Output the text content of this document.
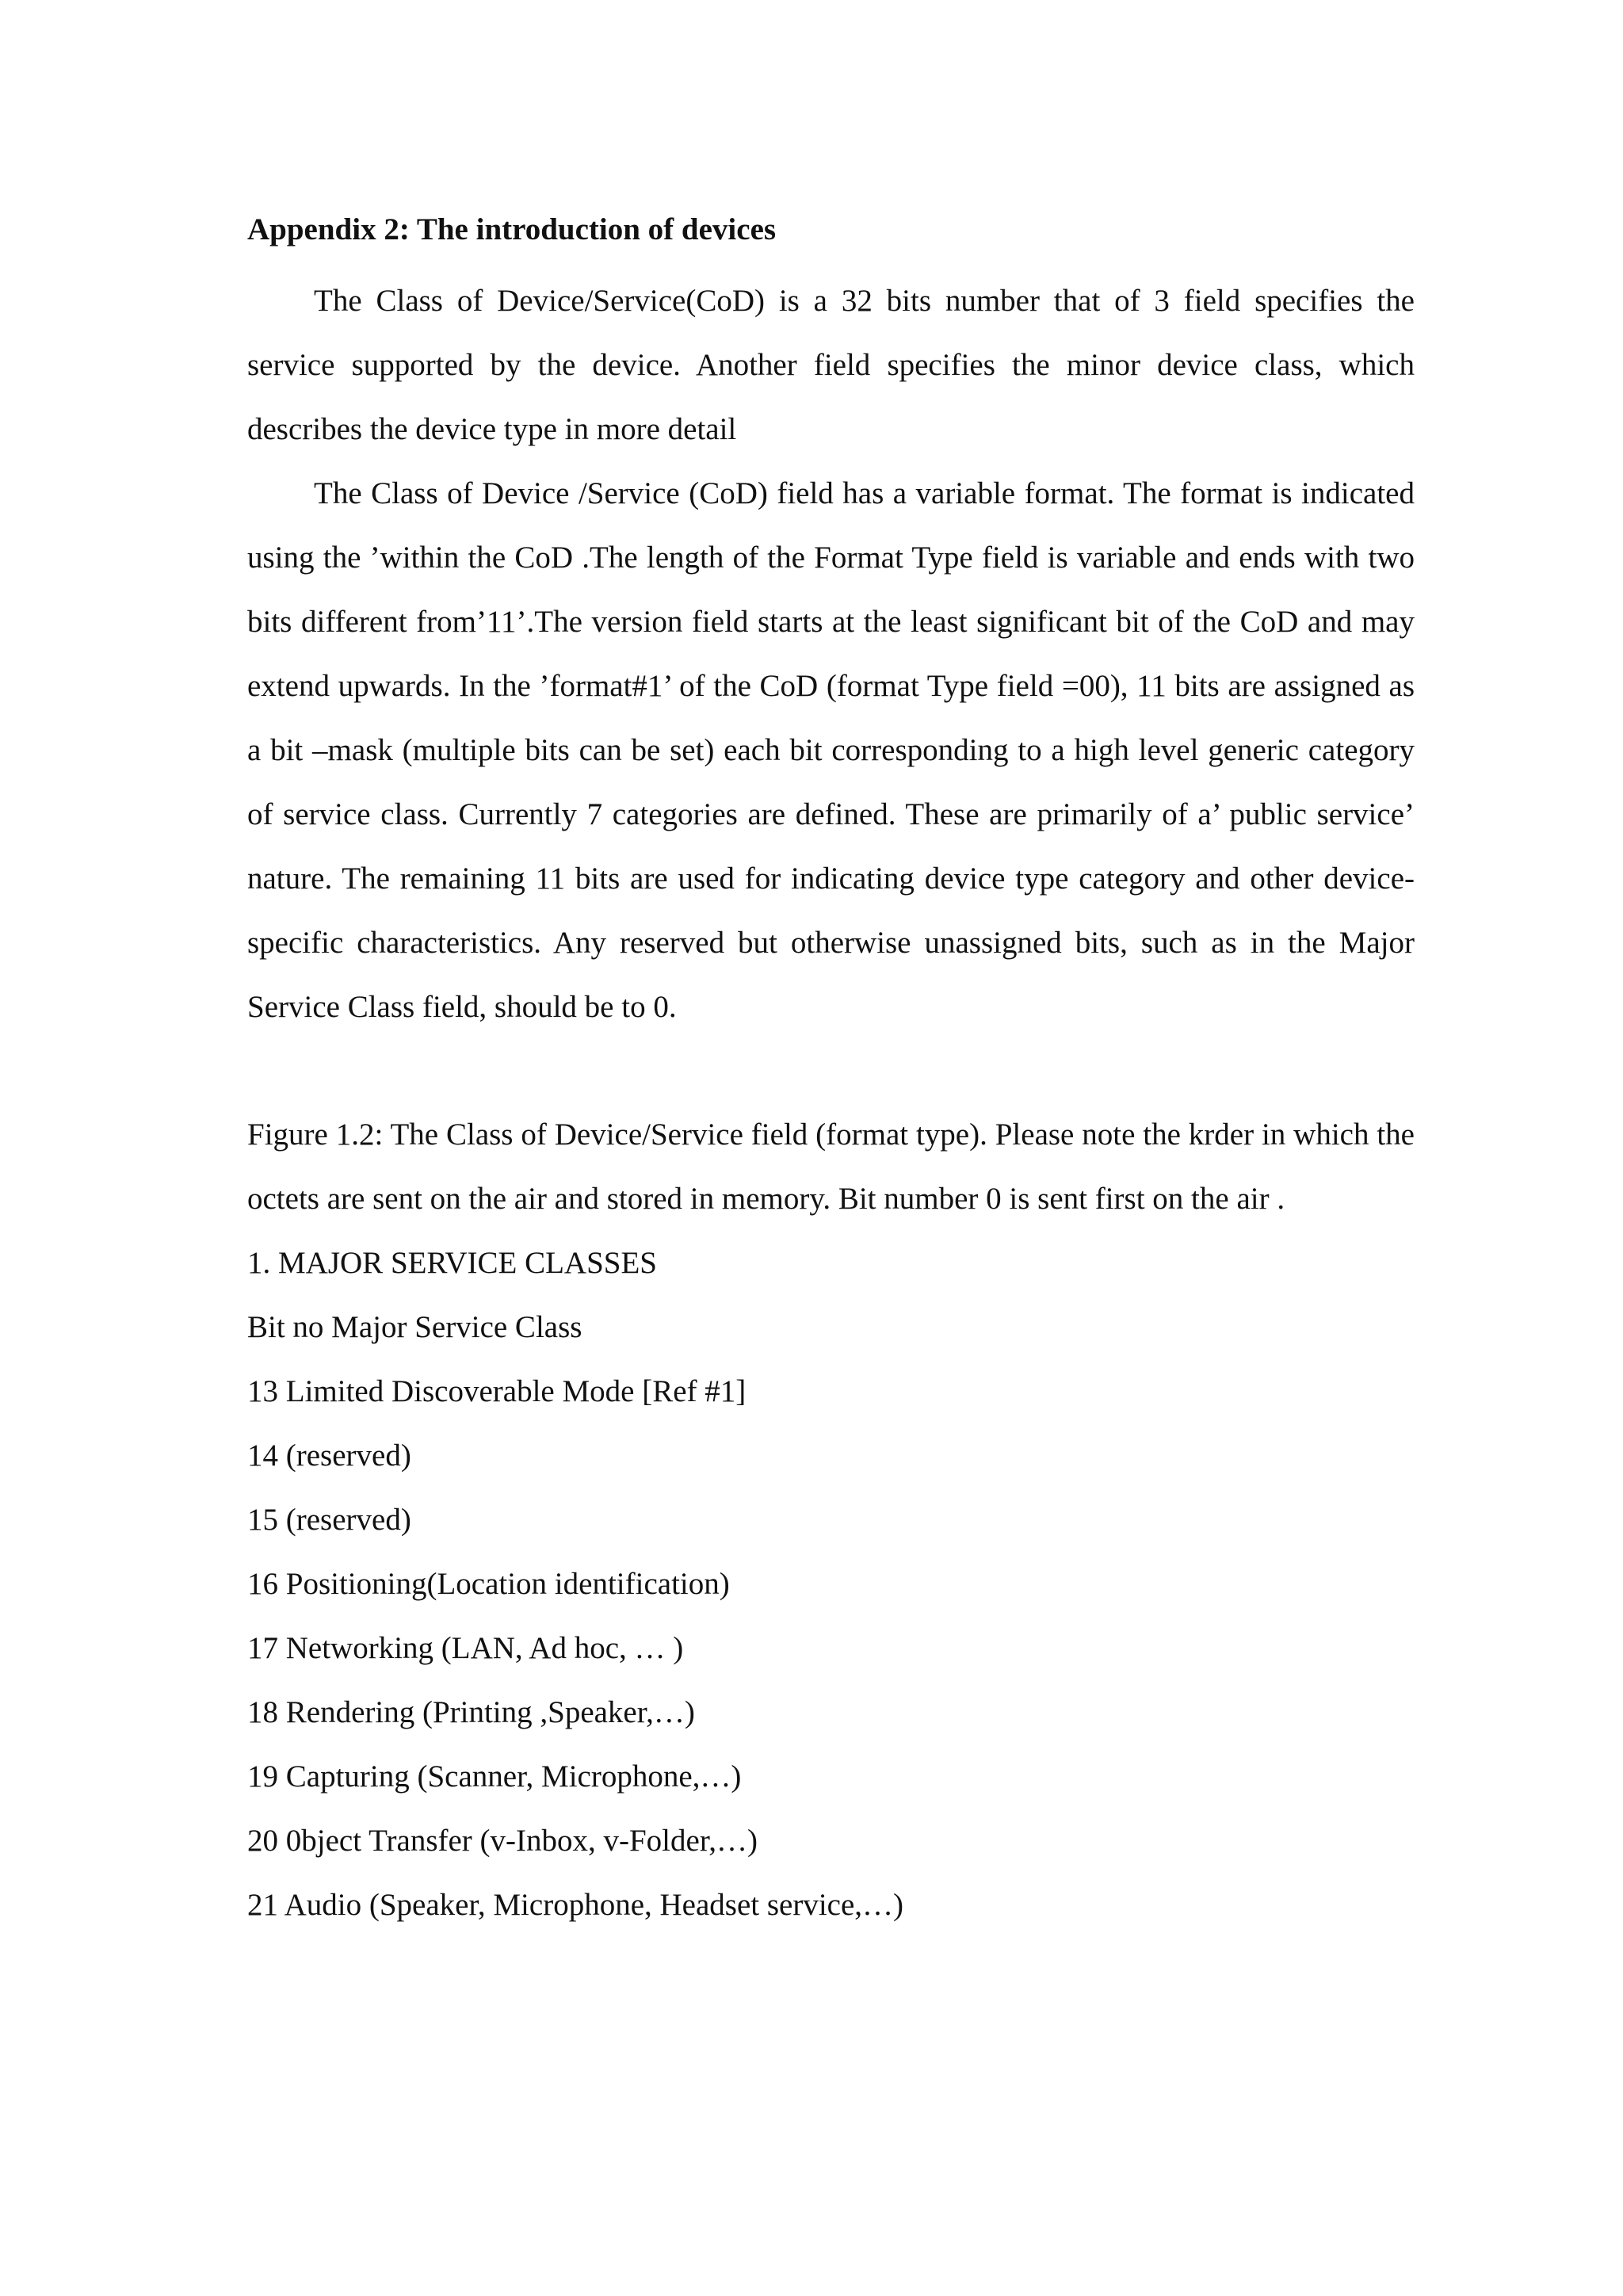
Appendix 2: The introduction of devices

The Class of Device/Service(CoD) is a 32 bits number that of 3 field specifies the service supported by the device. Another field specifies the minor device class, which describes the device type in more detail

The Class of Device /Service (CoD) field has a variable format. The format is indicated using the ’within the CoD .The length of the Format Type field is variable and ends with two bits different from’11’.The version field starts at the least significant bit of the CoD and may extend upwards. In the ’format#1’ of the CoD (format Type field =00), 11 bits are assigned as a bit –mask (multiple bits can be set) each bit corresponding to a high level generic category of service class. Currently 7 categories are defined. These are primarily of a’ public service’ nature. The remaining 11 bits are used for indicating device type category and other device-specific characteristics. Any reserved but otherwise unassigned bits, such as in the Major Service Class field, should be to 0.

Figure 1.2: The Class of Device/Service field (format type). Please note the krder in which the octets are sent on the air and stored in memory. Bit number 0 is sent first on the air .

1. MAJOR SERVICE CLASSES

Bit no Major Service Class

13 Limited Discoverable Mode [Ref #1]

14 (reserved)

15 (reserved)

16 Positioning(Location identification)

17 Networking (LAN, Ad hoc, … )

18 Rendering (Printing ,Speaker,…)

19 Capturing (Scanner, Microphone,…)

20 0bject Transfer (v-Inbox, v-Folder,…)

21 Audio (Speaker, Microphone, Headset service,…)
